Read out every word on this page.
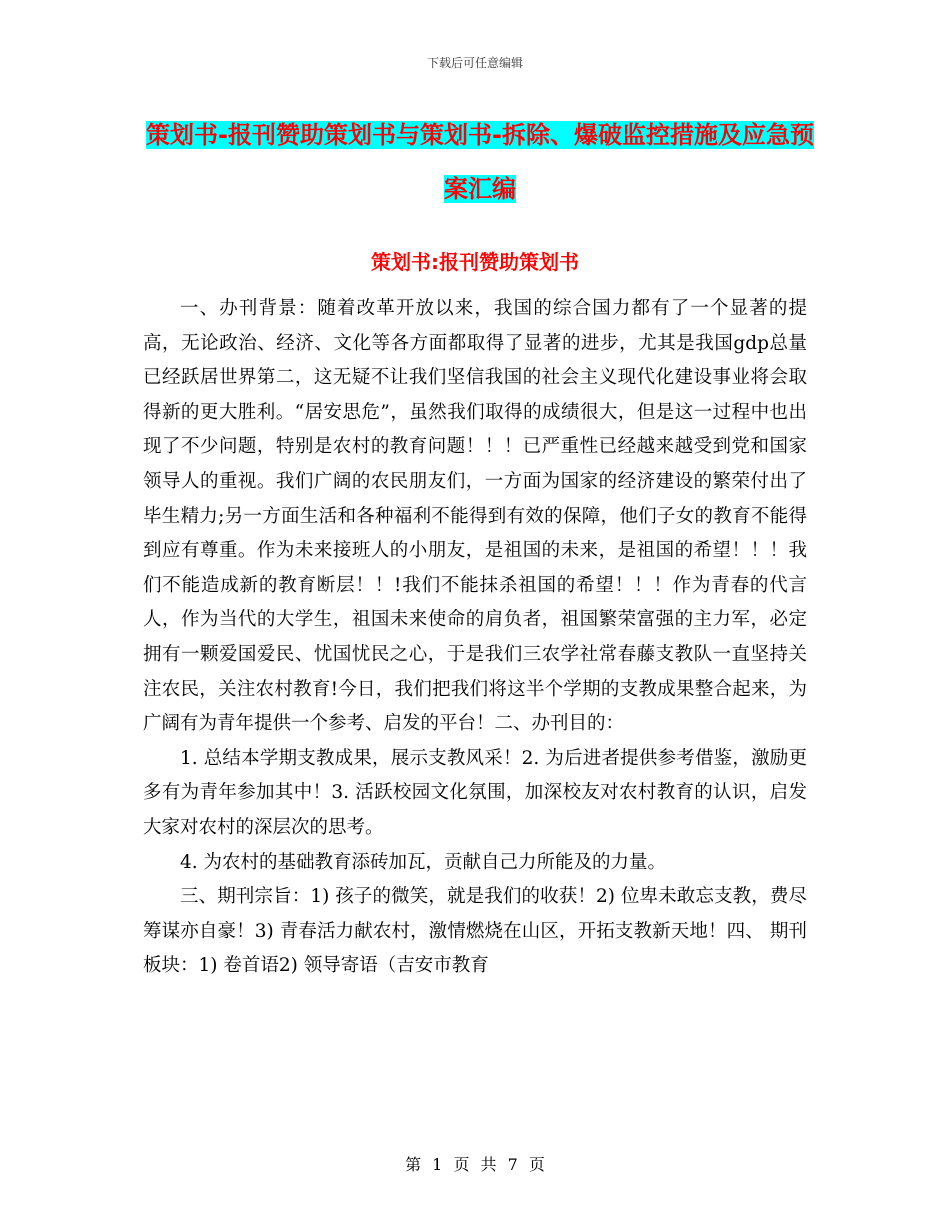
下载后可任意编辑
策划书-报刊赞助策划书与策划书-拆除、爆破监控措施及应急预案汇编
策划书:报刊赞助策划书

一、办刊背景：随着改革开放以来，我国的综合国力都有了一个显著的提高，无论政治、经济、文化等各方面都取得了显著的进步，尤其是我国gdp总量已经跃居世界第二，这无疑不让我们坚信我国的社会主义现代化建设事业将会取得新的更大胜利。“居安思危”，虽然我们取得的成绩很大，但是这一过程中也出现了不少问题，特别是农村的教育问题！！！已严重性已经越来越受到党和国家领导人的重视。我们广阔的农民朋友们，一方面为国家的经济建设的繁荣付出了毕生精力;另一方面生活和各种福利不能得到有效的保障，他们子女的教育不能得到应有尊重。作为未来接班人的小朋友，是祖国的未来，是祖国的希望！！！我们不能造成新的教育断层！！!我们不能抹杀祖国的希望！！！作为青春的代言人，作为当代的大学生，祖国未来使命的肩负者，祖国繁荣富强的主力军，必定拥有一颗爱国爱民、忧国忧民之心，于是我们三农学社常春藤支教队一直坚持关注农民，关注农村教育!今日，我们把我们将这半个学期的支教成果整合起来，为广阔有为青年提供一个参考、启发的平台！二、办刊目的：

1. 总结本学期支教成果，展示支教风采！2. 为后进者提供参考借鉴，激励更多有为青年参加其中！3. 活跃校园文化氛围，加深校友对农村教育的认识，启发大家对农村的深层次的思考。

4. 为农村的基础教育添砖加瓦，贡献自己力所能及的力量。

三、期刊宗旨：1) 孩子的微笑，就是我们的收获！2) 位卑未敢忘支教，费尽筹谋亦自豪！3) 青春活力献农村，激情燃烧在山区，开拓支教新天地！四、 期刊板块：1) 卷首语2) 领导寄语（吉安市教育

第 1 页 共 7 页
